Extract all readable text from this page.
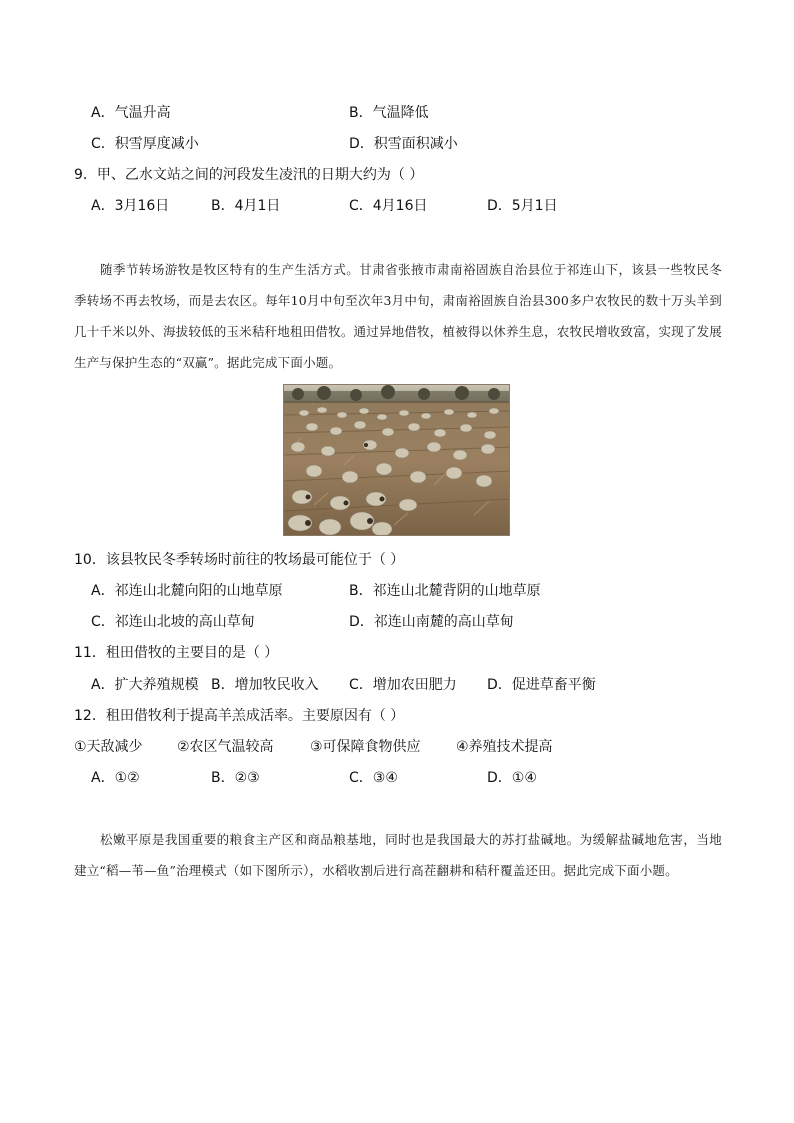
A．气温升高	B．气温降低
C．积雪厚度减小	D．积雪面积减小
9．甲、乙水文站之间的河段发生凌汛的日期大约为（ ）
A．3月16日	B．4月1日	C．4月16日	D．5月1日
随季节转场游牧是牧区特有的生产生活方式。甘肃省张掖市肃南裕固族自治县位于祁连山下，该县一些牧民冬季转场不再去牧场，而是去农区。每年10月中旬至次年3月中旬，肃南裕固族自治县300多户农牧民的数十万头羊到几十千米以外、海拔较低的玉米秸秆地租田借牧。通过异地借牧，植被得以休养生息，农牧民增收致富，实现了发展生产与保护生态的“双赢”。据此完成下面小题。
10．该县牧民冬季转场时前往的牧场最可能位于（ ）
A．祁连山北麓向阳的山地草原	B．祁连山北麓背阴的山地草原
C．祁连山北坡的高山草甸	D．祁连山南麓的高山草甸
11．租田借牧的主要目的是（ ）
A．扩大养殖规模 B．增加牧民收入 C．增加农田肥力 D．促进草畜平衡
12．租田借牧利于提高羊羔成活率。主要原因有（ ）
①天敌减少 ②农区气温较高	③可保障食物供应	④养殖技术提高
A．①②	B．②③	C．③④	D．①④
松嫩平原是我国重要的粮食主产区和商品粮基地，同时也是我国最大的苏打盐碱地。为缓解盐碱地危害，当地建立“稻—苇—鱼”治理模式（如下图所示），水稻收割后进行高茬翻耕和秸秆覆盖还田。据此完成下面小题。
